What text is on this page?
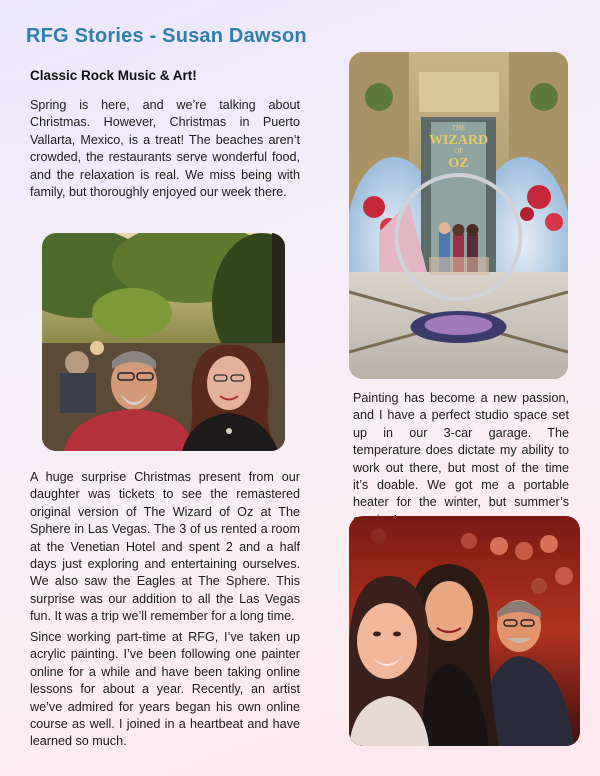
RFG Stories - Susan Dawson
Classic Rock Music & Art!

Spring is here, and we’re talking about Christmas. However, Christmas in Puerto Vallarta, Mexico, is a treat! The beaches aren’t crowded, the restaurants serve wonderful food, and the relaxation is real. We miss being with family, but thoroughly enjoyed our week there.

A huge surprise Christmas present from our daughter was tickets to see the remastered original version of The Wizard of Oz at The Sphere in Las Vegas. The 3 of us rented a room at the Venetian Hotel and spent 2 and a half days just exploring and entertaining ourselves. We also saw the Eagles at The Sphere. This surprise was our addition to all the Las Vegas fun. It was a trip we’ll remember for a long time.

Since working part-time at RFG, I’ve taken up acrylic painting. I’ve been following one painter online for a while and have been taking online lessons for about a year. Recently, an artist we’ve admired for years began his own online course as well. I joined in a heartbeat and have learned so much.

THE
WIZARD
OF
OZ

Painting has become a new passion, and I have a perfect studio space set up in our 3-car garage. The temperature does dictate my ability to work out there, but most of the time it’s doable. We got me a portable heater for the winter, but summer’s
